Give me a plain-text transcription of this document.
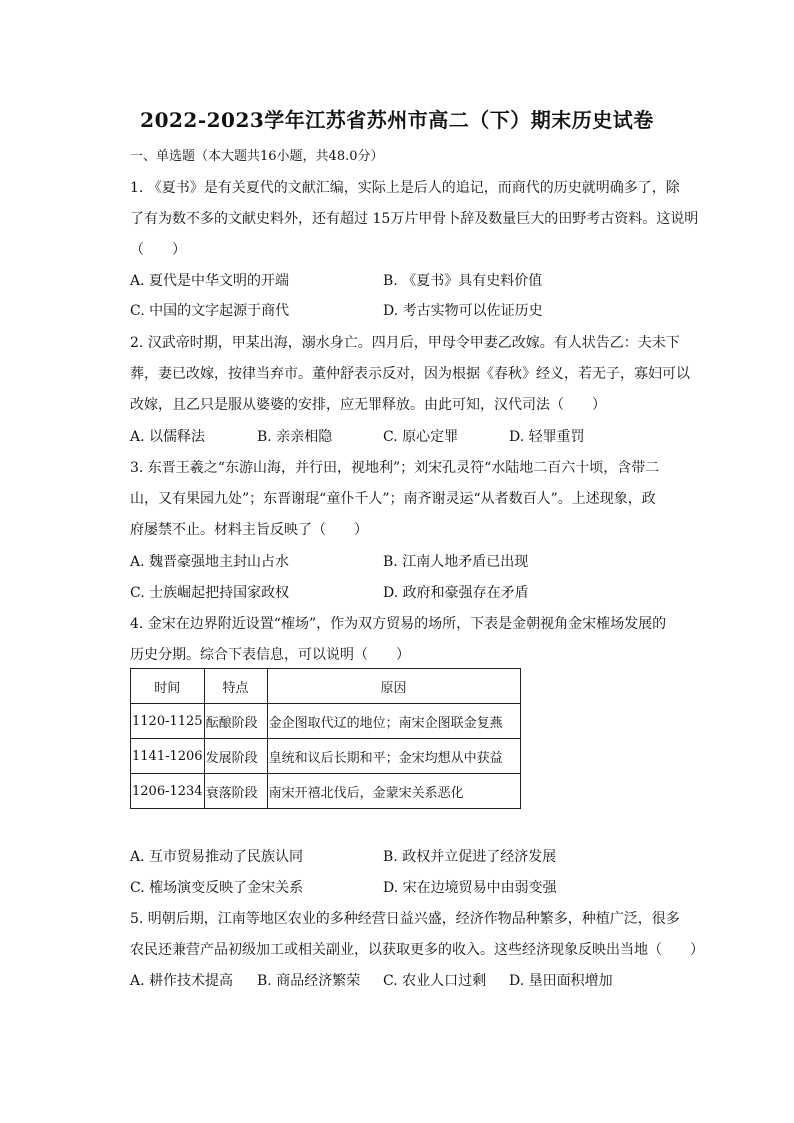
2022-2023学年江苏省苏州市高二（下）期末历史试卷
一、单选题（本大题共16小题，共48.0分）
1. 《夏书》是有关夏代的文献汇编，实际上是后人的追记，而商代的历史就明确多了，除
了有为数不多的文献史料外，还有超过 15万片甲骨卜辞及数量巨大的田野考古资料。这说明
（　　）
A. 夏代是中华文明的开端	B. 《夏书》具有史料价值
C. 中国的文字起源于商代	D. 考古实物可以佐证历史
2. 汉武帝时期，甲某出海，溺水身亡。四月后，甲母令甲妻乙改嫁。有人状告乙：夫未下
葬，妻已改嫁，按律当弃市。董仲舒表示反对，因为根据《春秋》经义，若无子，寡妇可以
改嫁，且乙只是服从婆婆的安排，应无罪释放。由此可知，汉代司法（　　）
A. 以儒释法	B. 亲亲相隐	C. 原心定罪	D. 轻罪重罚
3. 东晋王羲之“东游山海，并行田，视地利”；刘宋孔灵符“水陆地二百六十顷，含带二
山，又有果园九处”；东晋谢琨“童仆千人”；南齐谢灵运“从者数百人”。上述现象，政
府屡禁不止。材料主旨反映了（　　）
A. 魏晋豪强地主封山占水	B. 江南人地矛盾已出现
C. 士族崛起把持国家政权	D. 政府和豪强存在矛盾
4. 金宋在边界附近设置“榷场”，作为双方贸易的场所，下表是金朝视角金宋榷场发展的
历史分期。综合下表信息，可以说明（　　）
时间	特点	原因
1120-1125	酝酿阶段	金企图取代辽的地位；南宋企图联金复燕
1141-1206	发展阶段	皇统和议后长期和平；金宋均想从中获益
1206-1234	衰落阶段	南宋开禧北伐后，金蒙宋关系恶化
A. 互市贸易推动了民族认同	B. 政权并立促进了经济发展
C. 榷场演变反映了金宋关系	D. 宋在边境贸易中由弱变强
5. 明朝后期，江南等地区农业的多种经营日益兴盛，经济作物品种繁多，种植广泛，很多
农民还兼营产品初级加工或相关副业，以获取更多的收入。这些经济现象反映出当地（　　）
A. 耕作技术提高 B. 商品经济繁荣 C. 农业人口过剩 D. 垦田面积增加
